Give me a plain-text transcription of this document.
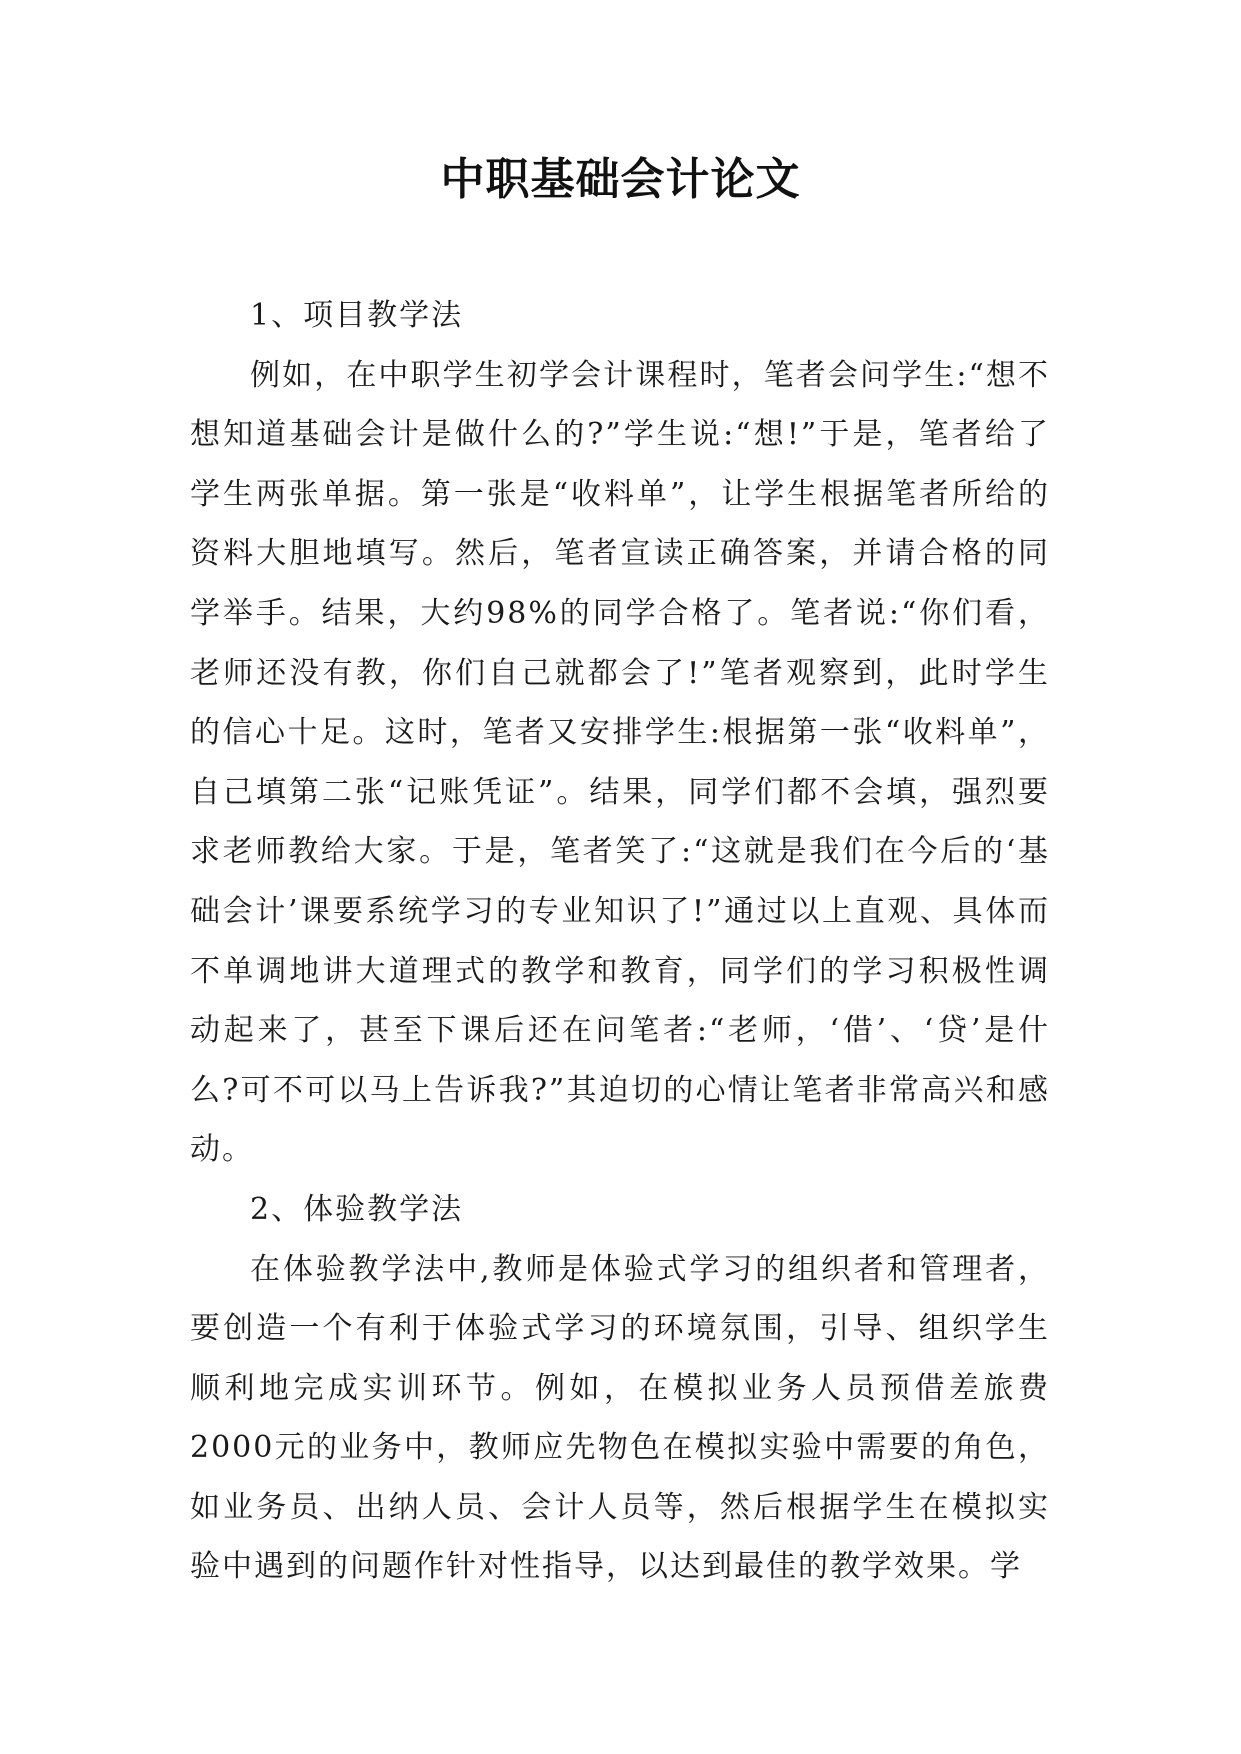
中职基础会计论文

1、项目教学法

例如，在中职学生初学会计课程时，笔者会问学生:“想不想知道基础会计是做什么的?”学生说:“想!”于是，笔者给了学生两张单据。第一张是“收料单”，让学生根据笔者所给的资料大胆地填写。然后，笔者宣读正确答案，并请合格的同学举手。结果，大约98%的同学合格了。笔者说:“你们看，老师还没有教，你们自己就都会了!”笔者观察到，此时学生的信心十足。这时，笔者又安排学生:根据第一张“收料单”，自己填第二张“记账凭证”。结果，同学们都不会填，强烈要求老师教给大家。于是，笔者笑了:“这就是我们在今后的‘基础会计’课要系统学习的专业知识了!”通过以上直观、具体而不单调地讲大道理式的教学和教育，同学们的学习积极性调动起来了，甚至下课后还在问笔者:“老师，‘借’、‘贷’是什么?可不可以马上告诉我?”其迫切的心情让笔者非常高兴和感动。

2、体验教学法

在体验教学法中,教师是体验式学习的组织者和管理者，要创造一个有利于体验式学习的环境氛围，引导、组织学生顺利地完成实训环节。例如，在模拟业务人员预借差旅费2000元的业务中，教师应先物色在模拟实验中需要的角色，如业务员、出纳人员、会计人员等，然后根据学生在模拟实验中遇到的问题作针对性指导，以达到最佳的教学效果。学
